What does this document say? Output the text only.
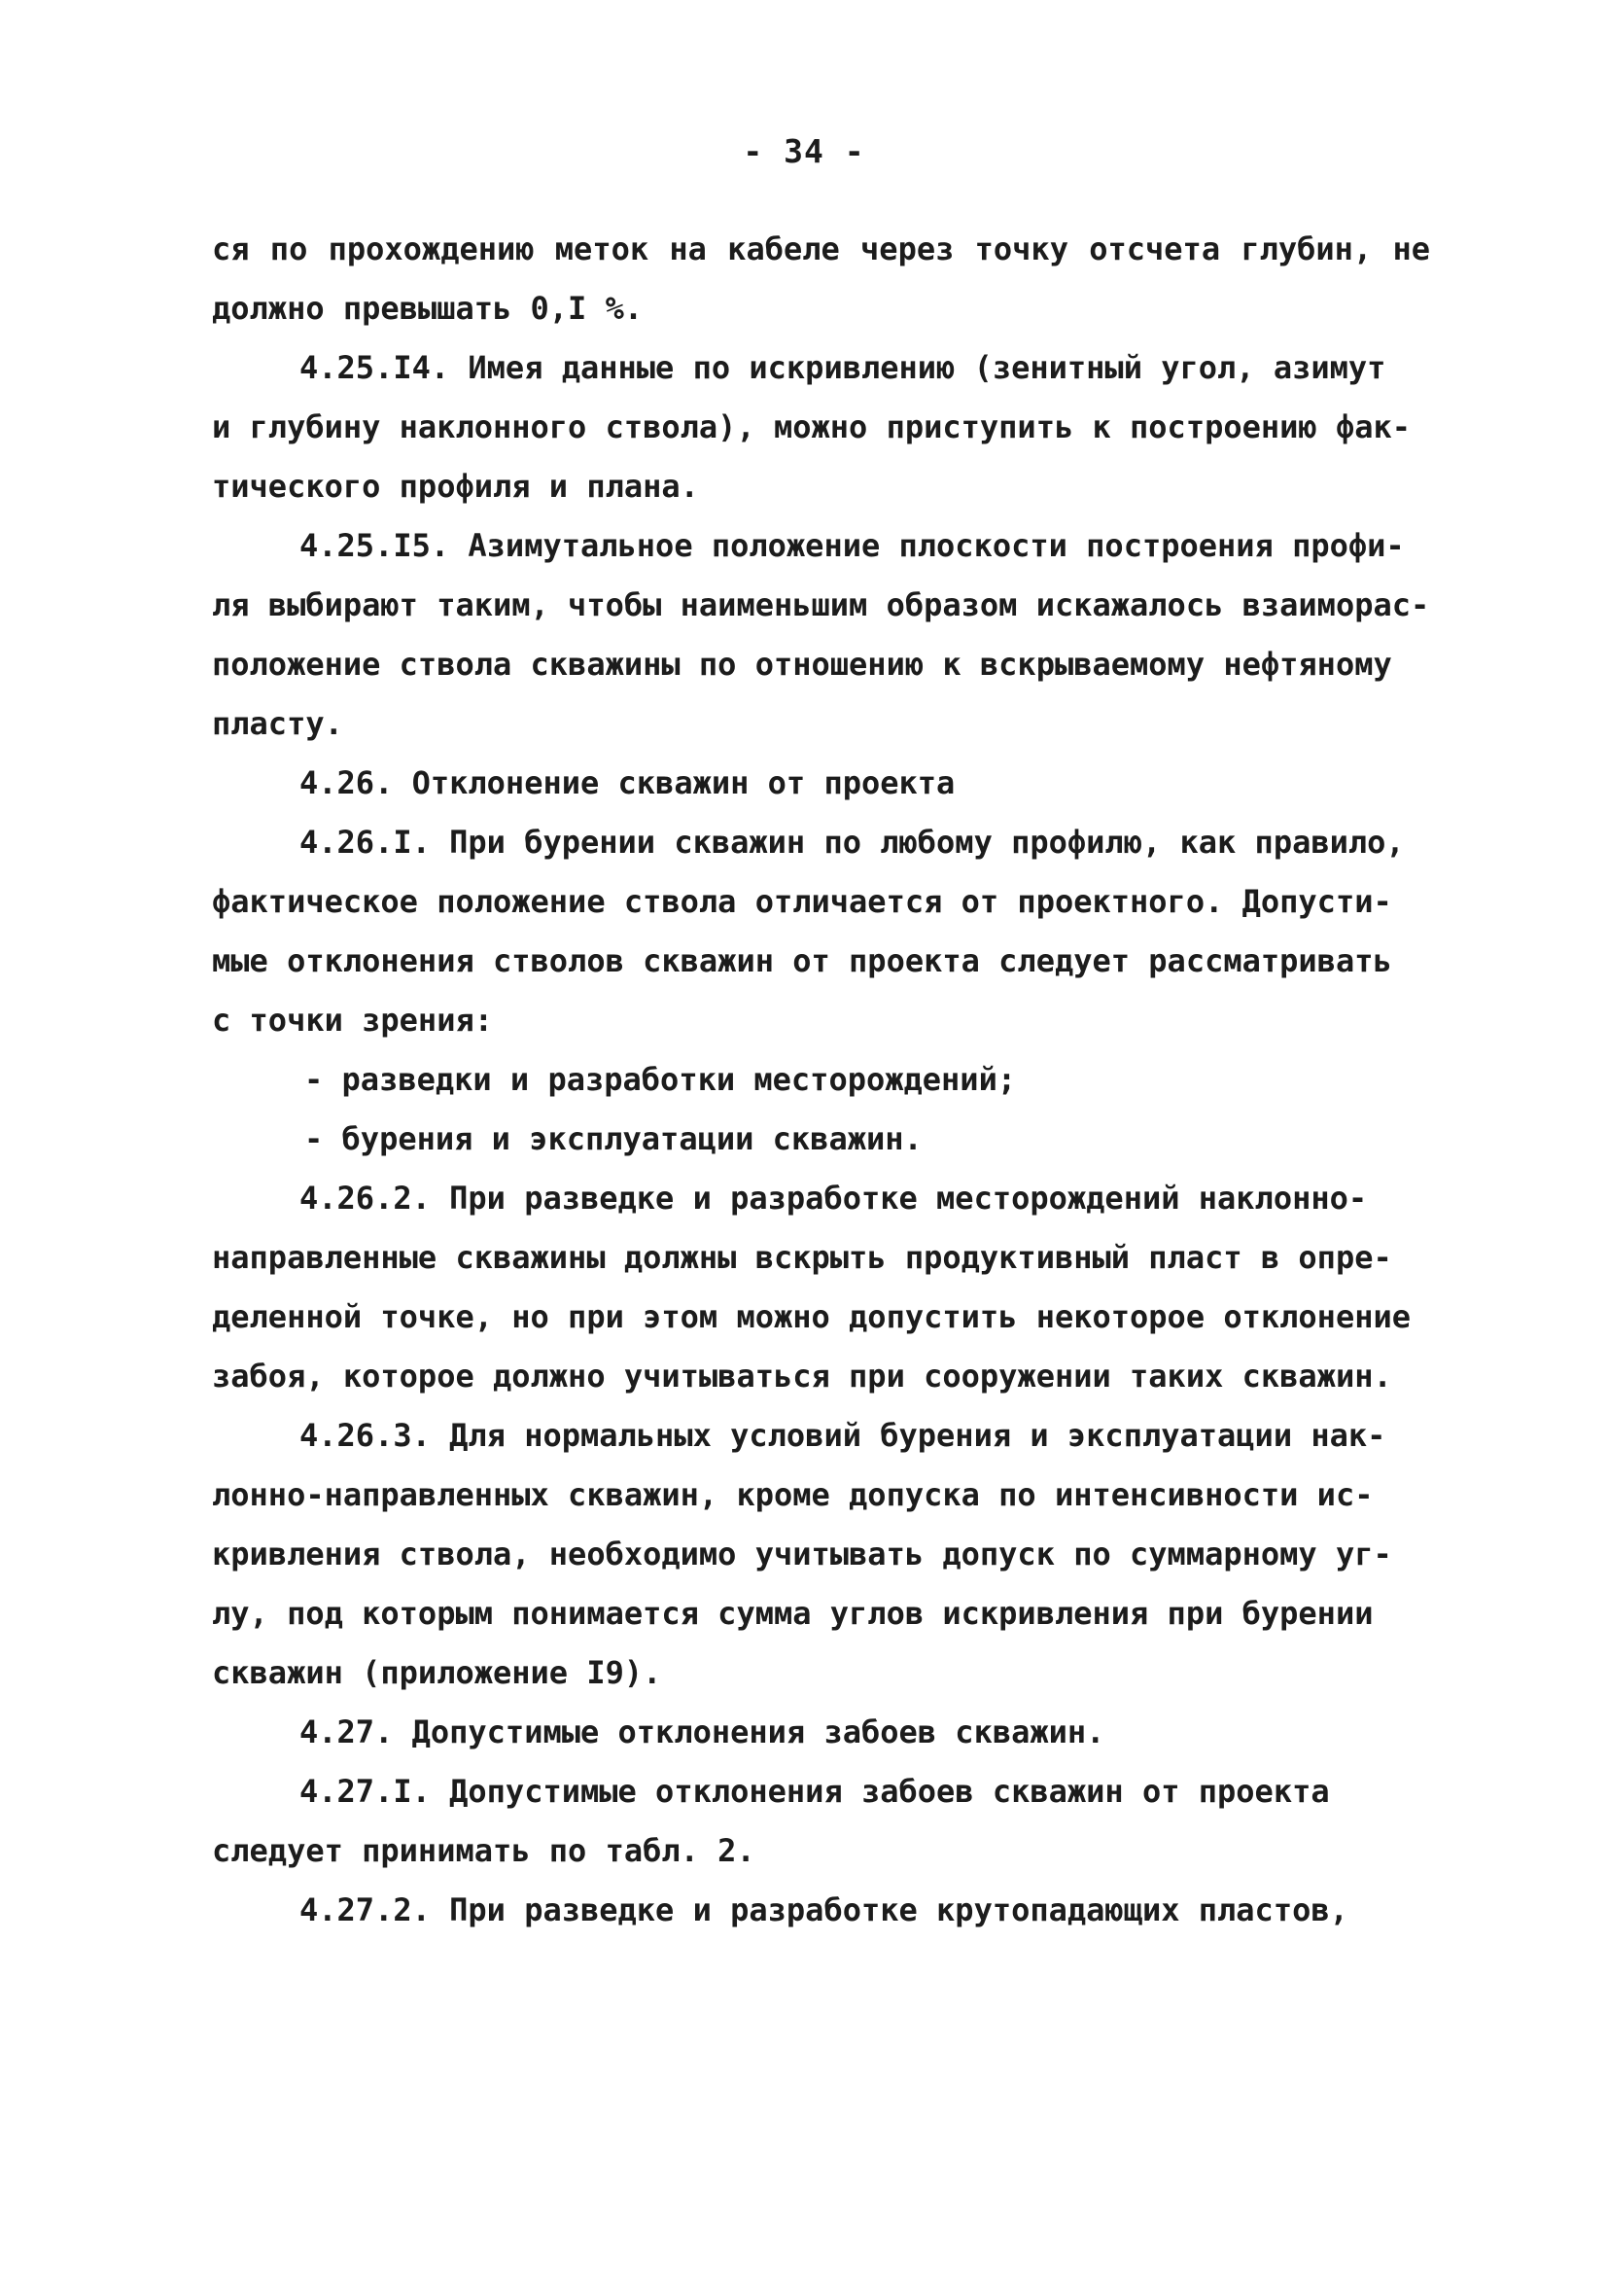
- 34 -
ся по прохождению меток на кабеле через точку отсчета глубин, не
должно превышать 0,I %.
4.25.I4. Имея данные по искривлению (зенитный угол, азимут
и глубину наклонного ствола), можно приступить к построению фак-
тического профиля и плана.
4.25.I5. Азимутальное положение плоскости построения профи-
ля выбирают таким, чтобы наименьшим образом искажалось взаиморас-
положение ствола скважины по отношению к вскрываемому нефтяному
пласту.
4.26. Отклонение скважин от проекта
4.26.I. При бурении скважин по любому профилю, как правило,
фактическое положение ствола отличается от проектного. Допусти-
мые отклонения стволов скважин от проекта следует рассматривать
с точки зрения:
- разведки и разработки месторождений;
- бурения и эксплуатации скважин.
4.26.2. При разведке и разработке месторождений наклонно-
направленные скважины должны вскрыть продуктивный пласт в опре-
деленной точке, но при этом можно допустить некоторое отклонение
забоя, которое должно учитываться при сооружении таких скважин.
4.26.3. Для нормальных условий бурения и эксплуатации нак-
лонно-направленных скважин, кроме допуска по интенсивности ис-
кривления ствола, необходимо учитывать допуск по суммарному уг-
лу, под которым понимается сумма углов искривления при бурении
скважин (приложение I9).
4.27. Допустимые отклонения забоев скважин.
4.27.I. Допустимые отклонения забоев скважин от проекта
следует принимать по табл. 2.
4.27.2. При разведке и разработке крутопадающих пластов,
